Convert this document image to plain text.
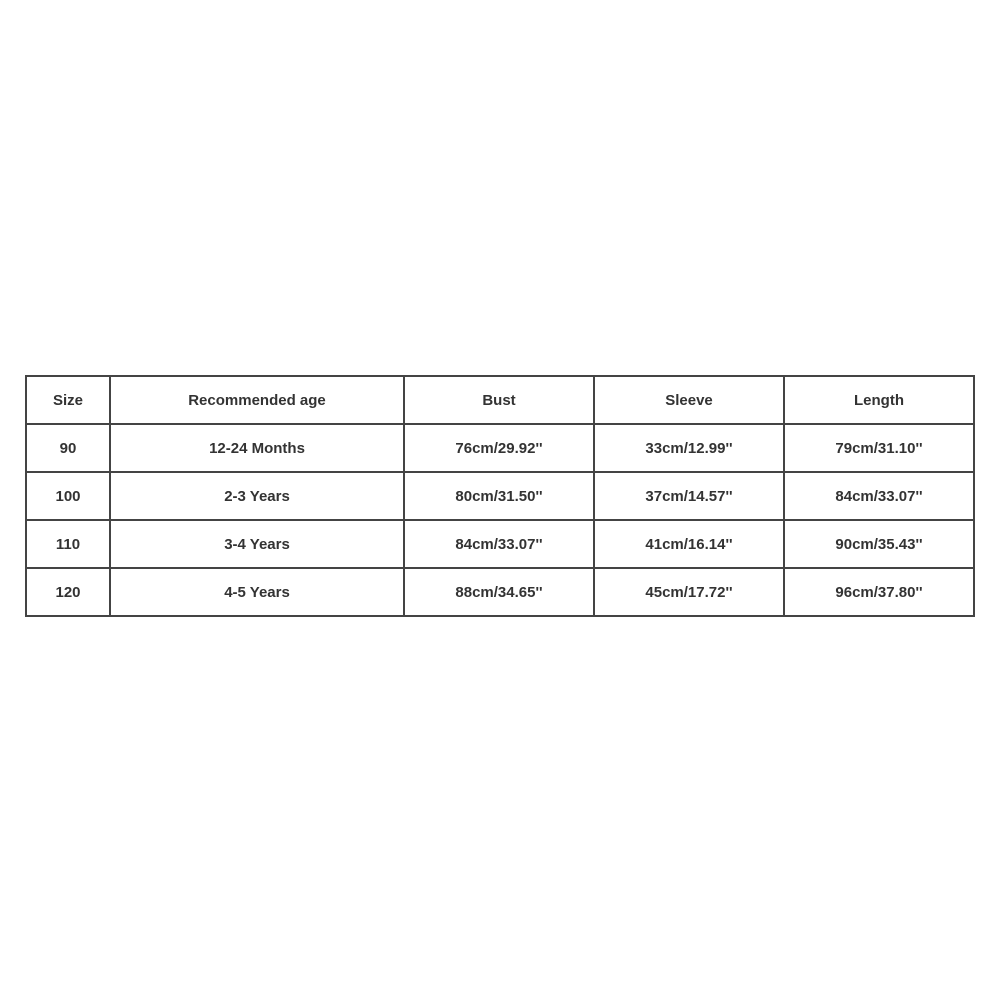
Size	Recommended age	Bust	Sleeve	Length
90	12-24 Months	76cm/29.92''	33cm/12.99''	79cm/31.10''
100	2-3 Years	80cm/31.50''	37cm/14.57''	84cm/33.07''
110	3-4 Years	84cm/33.07''	41cm/16.14''	90cm/35.43''
120	4-5 Years	88cm/34.65''	45cm/17.72''	96cm/37.80''
